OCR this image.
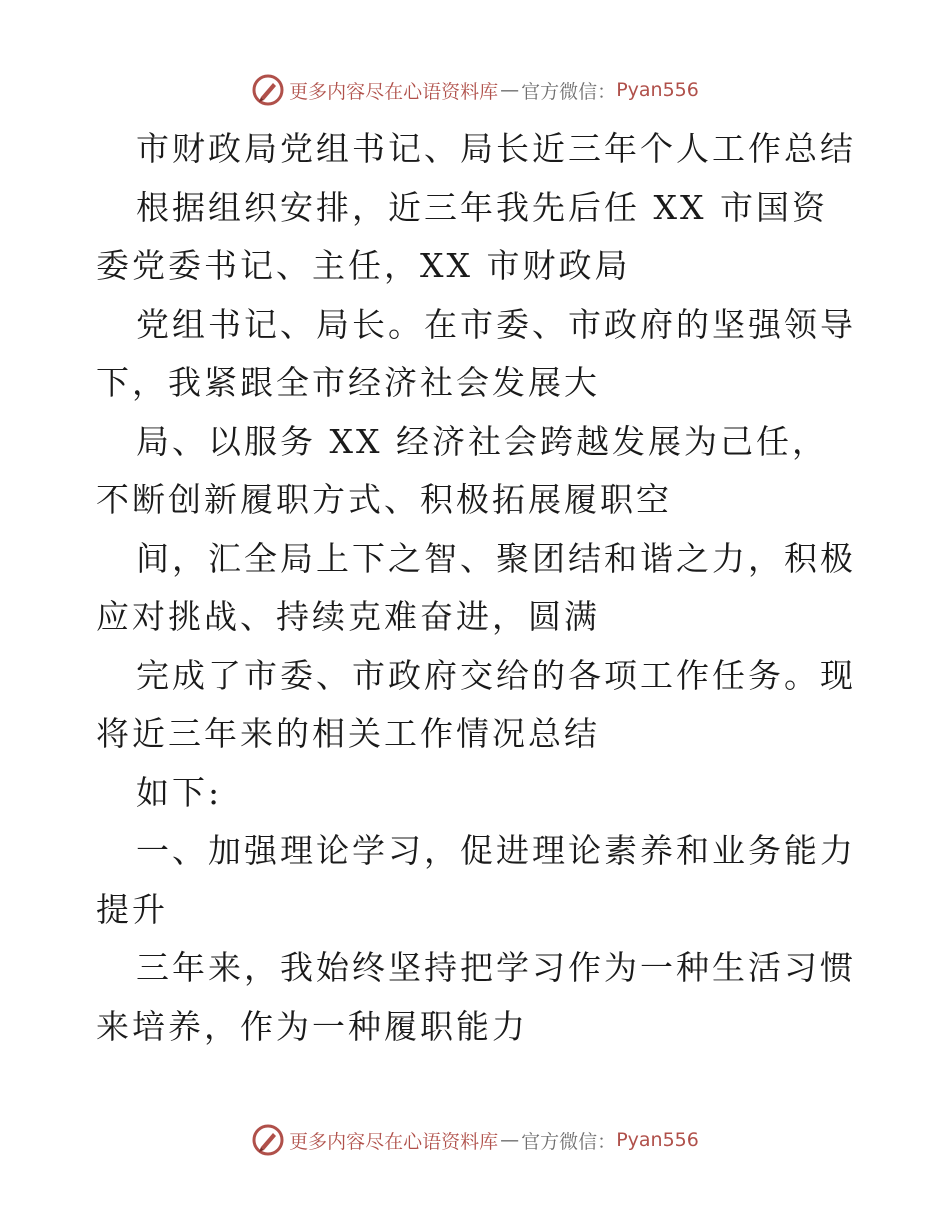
更多内容尽在心语资料库 — 官方微信： Pyan556
市财政局党组书记、局长近三年个人工作总结
根据组织安排，近三年我先后任 XX 市国资委党委书记、主任，XX 市财政局
党组书记、局长。在市委、市政府的坚强领导下，我紧跟全市经济社会发展大
局、以服务 XX 经济社会跨越发展为己任，不断创新履职方式、积极拓展履职空
间，汇全局上下之智、聚团结和谐之力，积极应对挑战、持续克难奋进，圆满
完成了市委、市政府交给的各项工作任务。现将近三年来的相关工作情况总结
如下:
一、加强理论学习，促进理论素养和业务能力提升
三年来，我始终坚持把学习作为一种生活习惯来培养，作为一种履职能力
更多内容尽在心语资料库 — 官方微信： Pyan556
